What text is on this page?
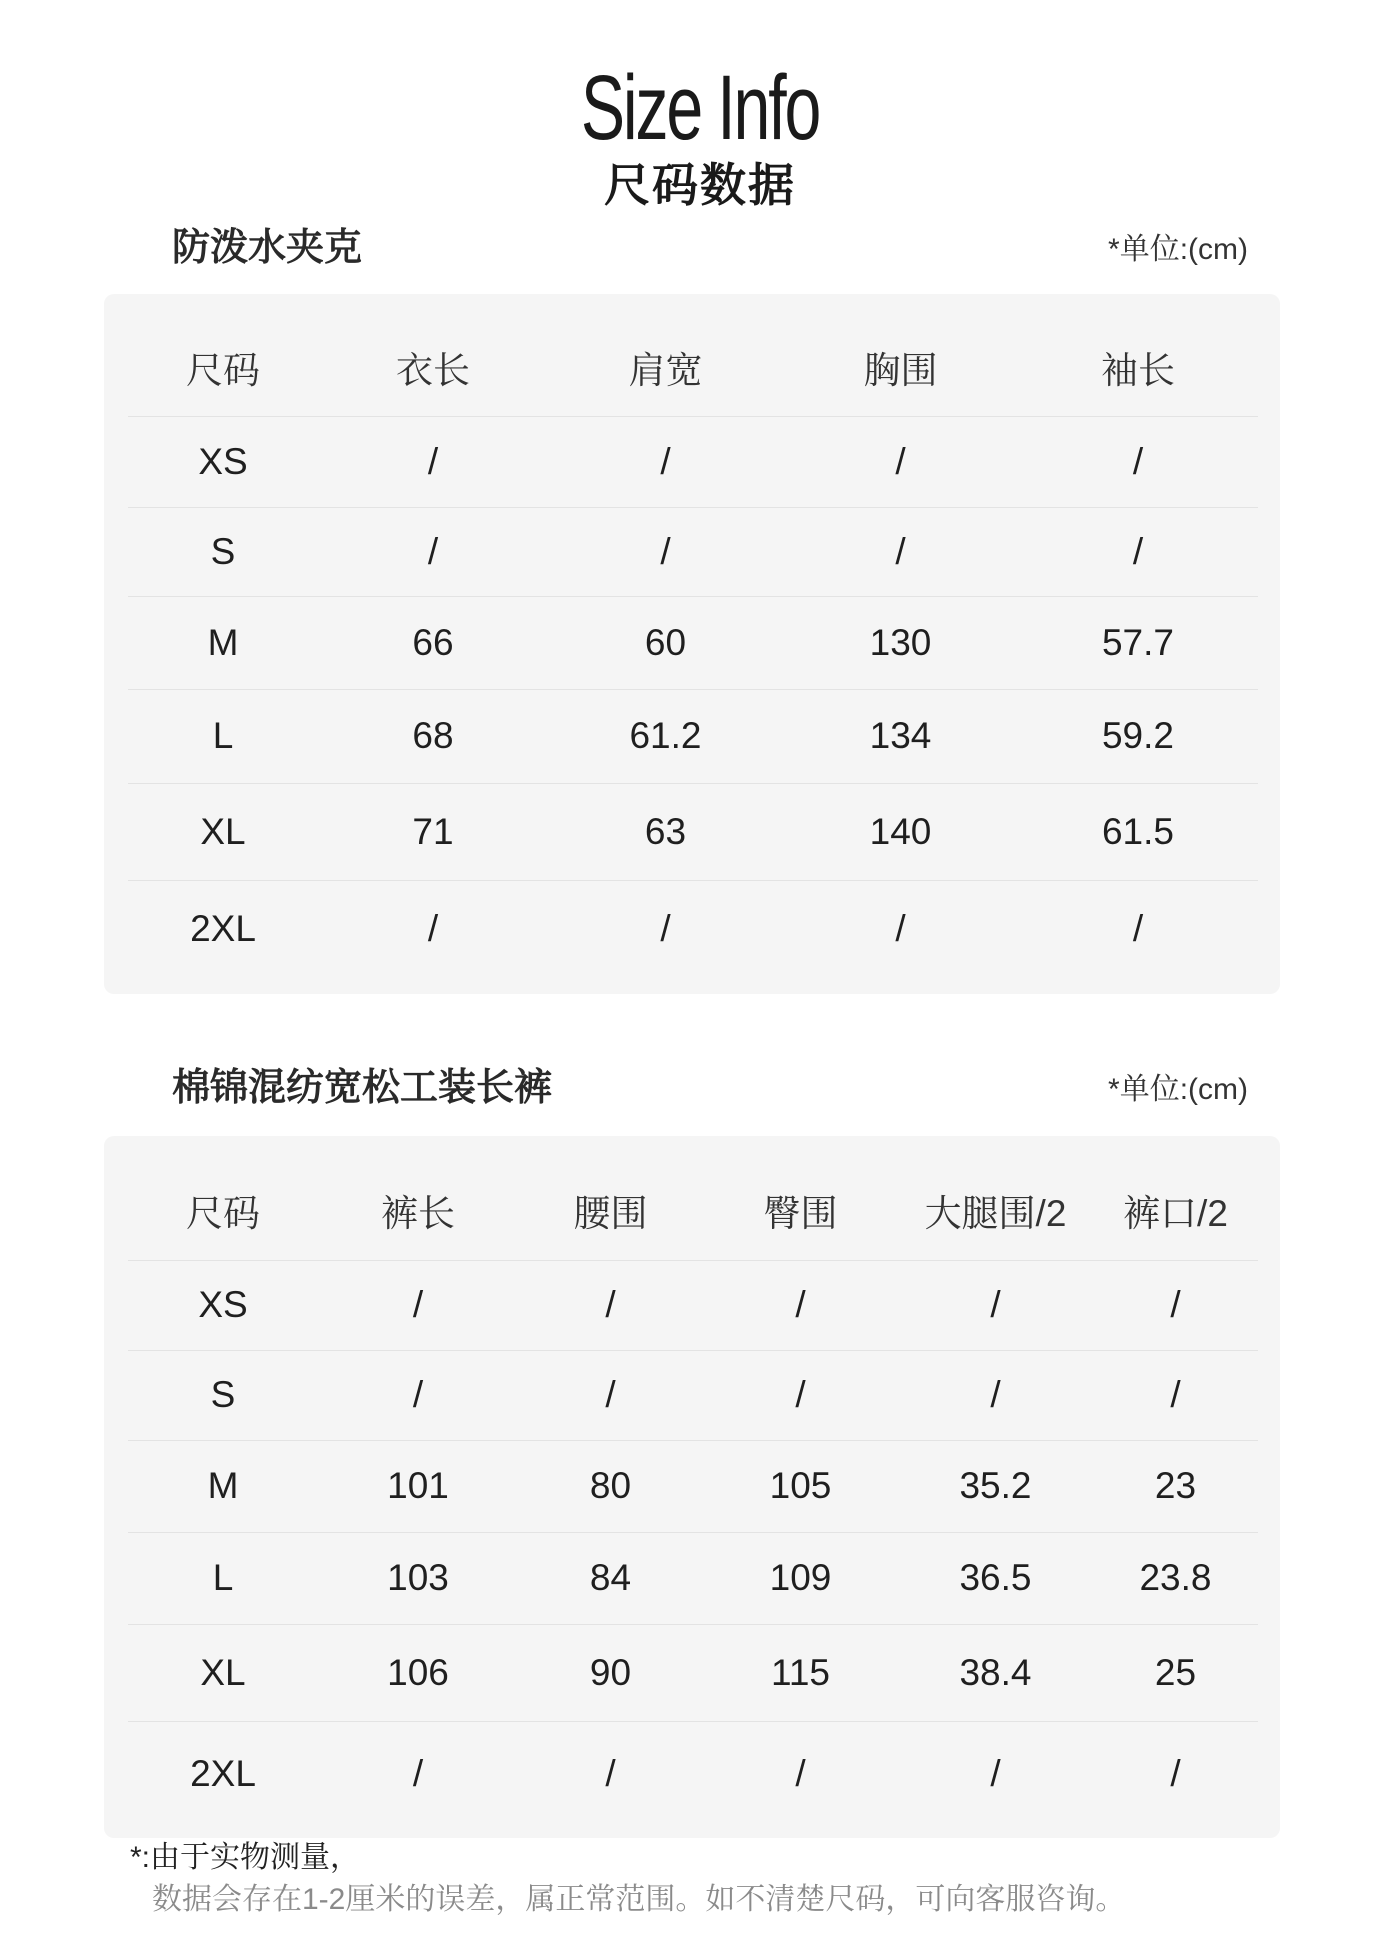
Size Info
尺码数据
防泼水夹克	*单位:(cm)
尺码	衣长	肩宽	胸围	袖长
XS	/	/	/	/
S	/	/	/	/
M	66	60	130	57.7
L	68	61.2	134	59.2
XL	71	63	140	61.5
2XL	/	/	/	/
棉锦混纺宽松工装长裤	*单位:(cm)
尺码	裤长	腰围	臀围	大腿围/2	裤口/2
XS	/	/	/	/	/
S	/	/	/	/	/
M	101	80	105	35.2	23
L	103	84	109	36.5	23.8
XL	106	90	115	38.4	25
2XL	/	/	/	/	/
*:由于实物测量，
数据会存在1-2厘米的误差，属正常范围。如不清楚尺码，可向客服咨询。
